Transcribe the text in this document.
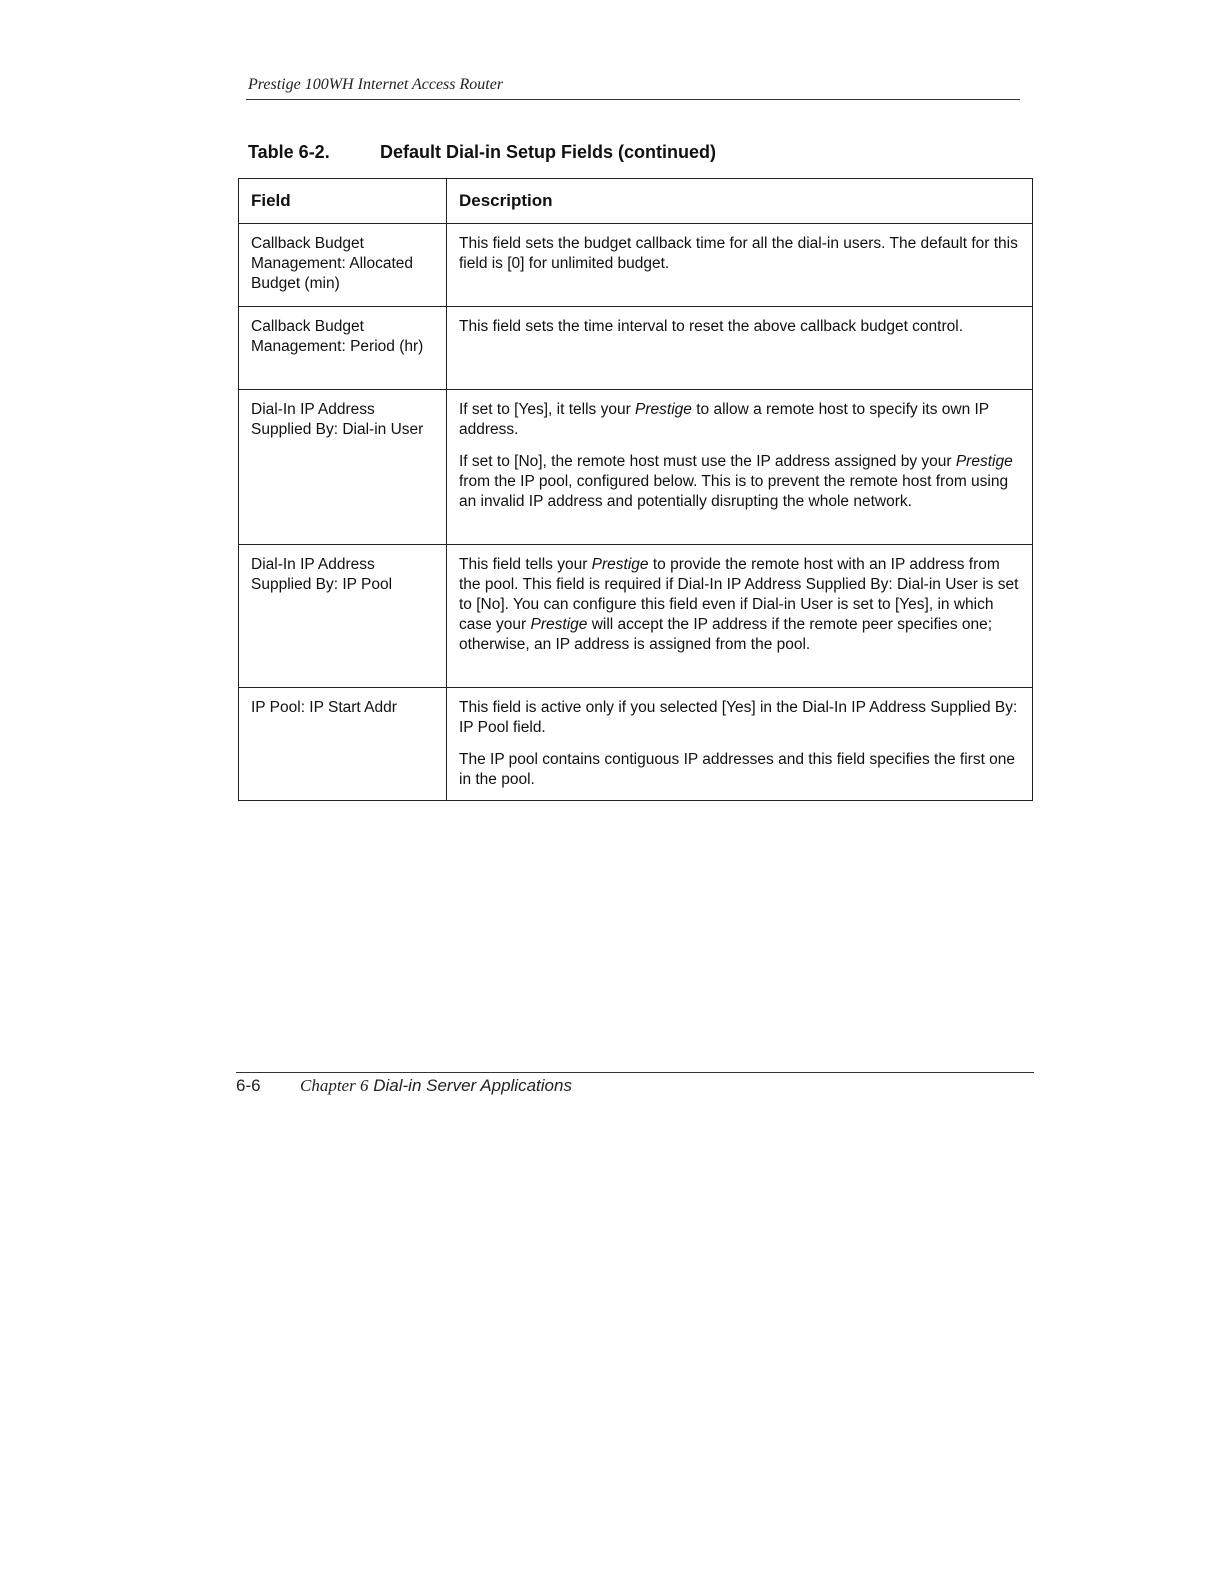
Prestige 100WH Internet Access Router
Table 6-2.	Default Dial-in Setup Fields (continued)
Field	Description
Callback Budget Management: Allocated Budget (min)	This field sets the budget callback time for all the dial-in users. The default for this field is [0] for unlimited budget.

Callback Budget Management: Period (hr)	This field sets the time interval to reset the above callback budget control.

Dial-In IP Address Supplied By: Dial-in User	If set to [Yes], it tells your Prestige to allow a remote host to specify its own IP address.

If set to [No], the remote host must use the IP address assigned by your Prestige from the IP pool, configured below. This is to prevent the remote host from using an invalid IP address and potentially disrupting the whole network.

Dial-In IP Address Supplied By: IP Pool	This field tells your Prestige to provide the remote host with an IP address from the pool. This field is required if Dial-In IP Address Supplied By: Dial-in User is set to [No]. You can configure this field even if Dial-in User is set to [Yes], in which case your Prestige will accept the IP address if the remote peer specifies one; otherwise, an IP address is assigned from the pool.

IP Pool: IP Start Addr	This field is active only if you selected [Yes] in the Dial-In IP Address Supplied By: IP Pool field.

The IP pool contains contiguous IP addresses and this field specifies the first one in the pool.

6-6 Chapter 6 Dial-in Server Applications
